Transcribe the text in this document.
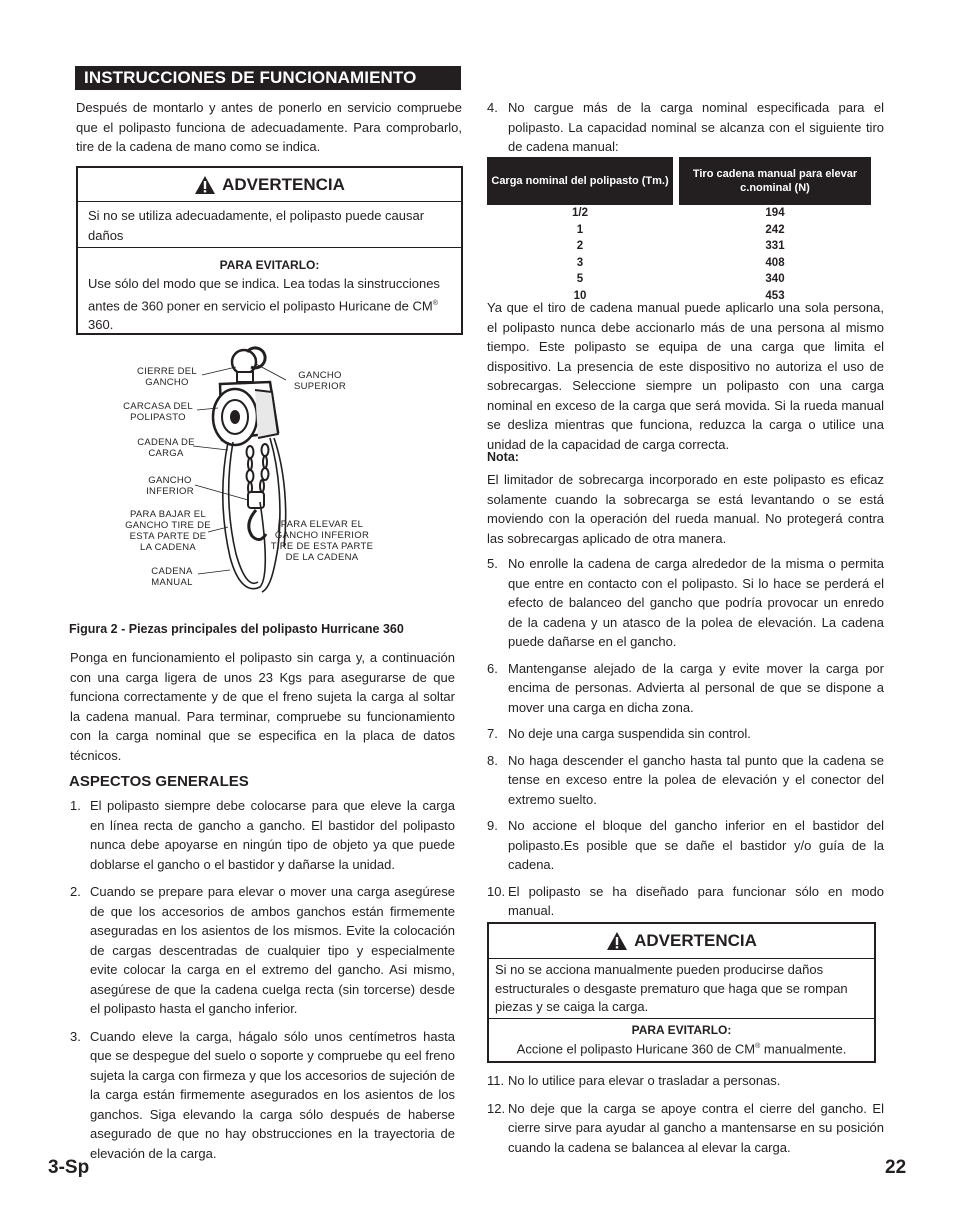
INSTRUCCIONES DE FUNCIONAMIENTO

Después de montarlo y antes de ponerlo en servicio compruebe que el polipasto funciona de adecuadamente. Para comprobarlo, tire de la cadena de mano como se indica.

ADVERTENCIA
Si no se utiliza adecuadamente, el polipasto puede causar daños
PARA EVITARLO:
Use sólo del modo que se indica. Lea todas la sinstrucciones antes de 360 poner en servicio el polipasto Huricane de CM® 360.
CIERRE DEL
GANCHO
CARCASA DEL
POLIPASTO
CADENA DE
CARGA
GANCHO
INFERIOR
PARA BAJAR EL
GANCHO TIRE DE
ESTA PARTE DE
LA CADENA
CADENA
MANUAL
GANCHO
SUPERIOR
PARA ELEVAR EL
GANCHO INFERIOR
TIRE DE ESTA PARTE
DE LA CADENA
Figura 2 - Piezas principales del polipasto Hurricane 360

Ponga en funcionamiento el polipasto sin carga y, a continuación con una carga ligera de unos 23 Kgs para asegurarse de que funciona correctamente y de que el freno sujeta la carga al soltar la cadena manual. Para terminar, compruebe su funcionamiento con la carga nominal que se especifica en la placa de datos técnicos.

ASPECTOS GENERALES
1. El polipasto siempre debe colocarse para que eleve la carga en línea recta de gancho a gancho. El bastidor del polipasto nunca debe apoyarse en ningún tipo de objeto ya que puede doblarse el gancho o el bastidor y dañarse la unidad.
2. Cuando se prepare para elevar o mover una carga asegúrese de que los accesorios de ambos ganchos están firmemente aseguradas en los asientos de los mismos. Evite la colocación de cargas descentradas de cualquier tipo y especialmente evite colocar la carga en el extremo del gancho. Asi mismo, asegúrese de que la cadena cuelga recta (sin torcerse) desde el polipasto hasta el gancho inferior.
3. Cuando eleve la carga, hágalo sólo unos centímetros hasta que se despegue del suelo o soporte y compruebe qu eel freno sujeta la carga con firmeza y que los accesorios de sujeción de la carga están firmemente asegurados en los asientos de los ganchos. Siga elevando la carga sólo después de haberse asegurado de que no hay obstrucciones en la trayectoria de elevación de la carga.
3-Sp
4. No cargue más de la carga nominal especificada para el polipasto. La capacidad nominal se alcanza con el siguiente tiro de cadena manual:
Carga nominal del polipasto (Tm.)		Tiro cadena manual para elevar c.nominal (N)
1/2		194
1		242
2		331
3		408
5		340
10		453

Ya que el tiro de cadena manual puede aplicarlo una sola persona, el polipasto nunca debe accionarlo más de una persona al mismo tiempo. Este polipasto se equipa de una carga que limita el dispositivo. La presencia de este dispositivo no autoriza el uso de sobrecargas. Seleccione siempre un polipasto con una carga nominal en exceso de la carga que será movida. Si la rueda manual se desliza mientras que funciona, reduzca la carga o utilice una unidad de la capacidad de carga correcta.

Nota:

El limitador de sobrecarga incorporado en este polipasto es eficaz solamente cuando la sobrecarga se está levantando o se está moviendo con la operación del rueda manual. No protegerá contra las sobrecargas aplicado de otra manera.

5. No enrolle la cadena de carga alrededor de la misma o permita que entre en contacto con el polipasto. Si lo hace se perderá el efecto de balanceo del gancho que podría provocar un enredo de la cadena y un atasco de la polea de elevación. La cadena puede dañarse en el gancho.
6. Mantenganse alejado de la carga y evite mover la carga por encima de personas. Advierta al personal de que se dispone a mover una carga en dicha zona.
7. No deje una carga suspendida sin control.
8. No haga descender el gancho hasta tal punto que la cadena se tense en exceso entre la polea de elevación y el conector del extremo suelto.
9. No accione el bloque del gancho inferior en el bastidor del polipasto.Es posible que se dañe el bastidor y/o guía de la cadena.
10. El polipasto se ha diseñado para funcionar sólo en modo manual.
ADVERTENCIA
Si no se acciona manualmente pueden producirse daños estructurales o desgaste prematuro que haga que se rompan piezas y se caiga la carga.
PARA EVITARLO:
Accione el polipasto Huricane 360 de CM® manualmente.
11. No lo utilice para elevar o trasladar a personas.
12. No deje que la carga se apoye contra el cierre del gancho. El cierre sirve para ayudar al gancho a mantensarse en su posición cuando la cadena se balancea al elevar la carga.
22
